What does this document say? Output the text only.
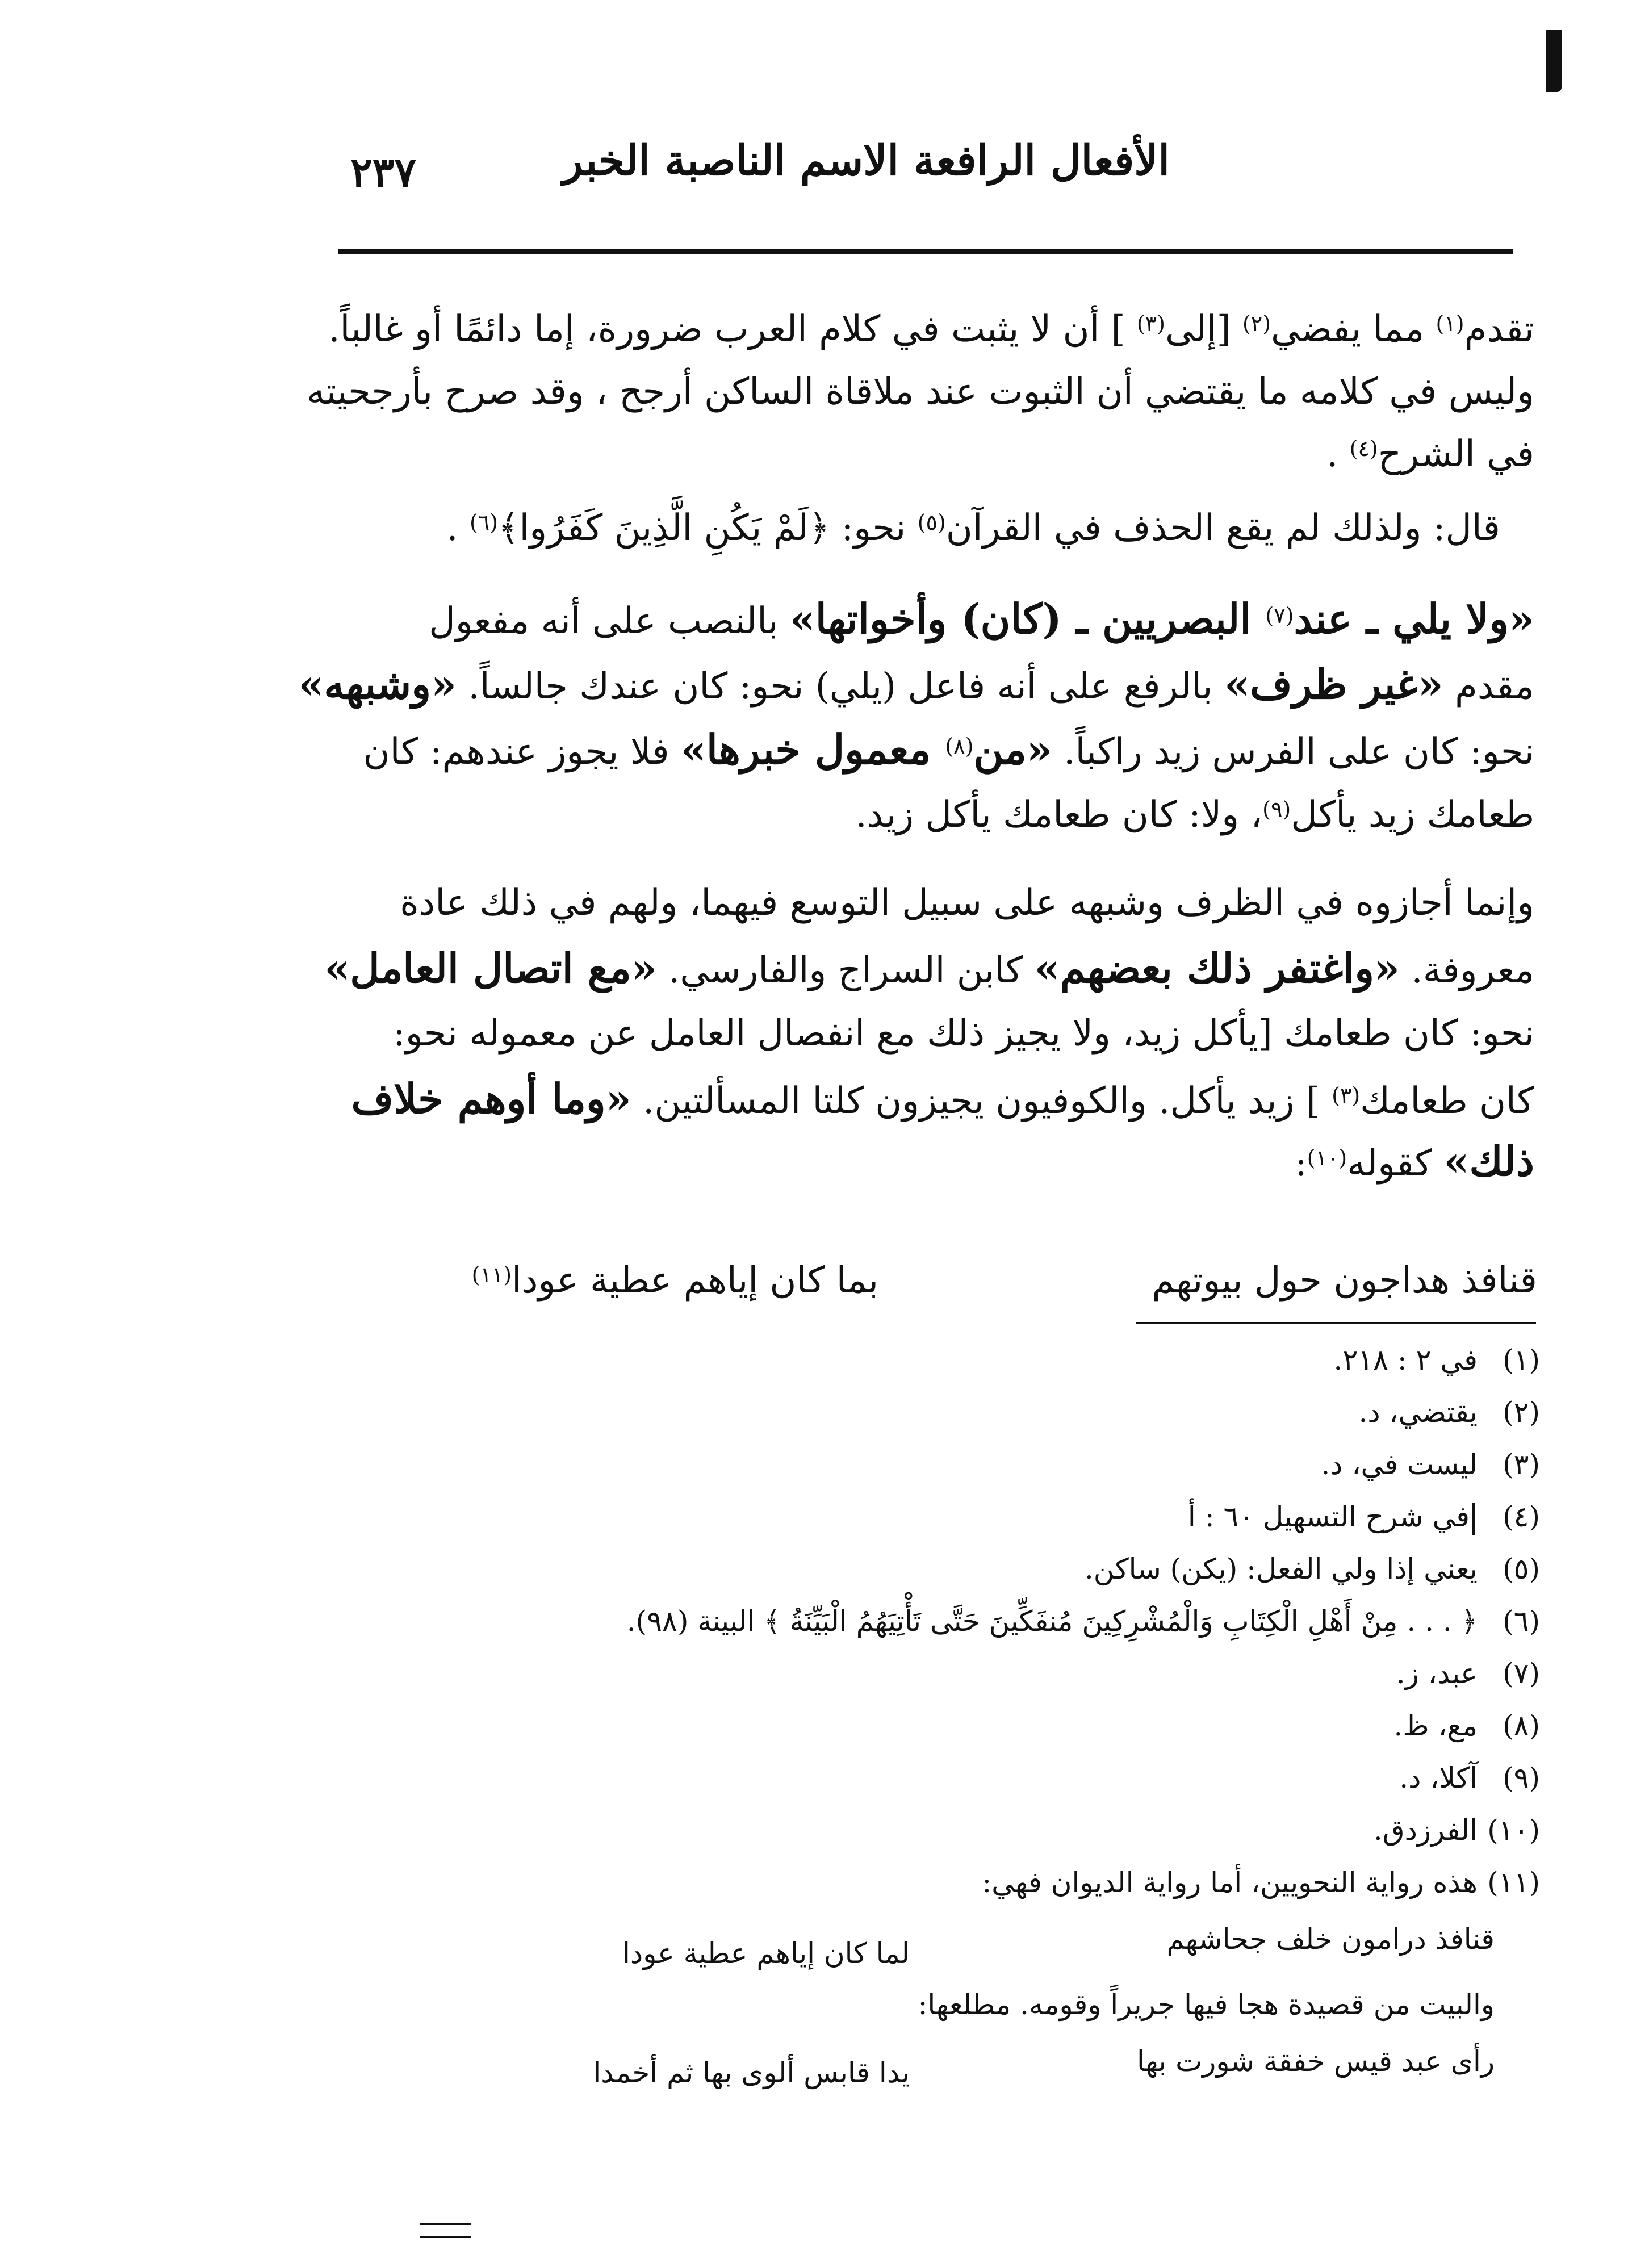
الأفعال الرافعة الاسم الناصبة الخبر
٢٣٧
تقدم$^{(١)}$ مما يفضي$^{(٢)}$ [إلى$^{(٣)}$ ] أن لا يثبت في كلام العرب ضرورة، إما دائمًا أو غالباً.
وليس في كلامه ما يقتضي أن الثبوت عند ملاقاة الساكن أرجح ، وقد صرح بأرجحيته
في الشرح$^{(٤)}$ .
قال: ولذلك لم يقع الحذف في القرآن$^{(٥)}$ نحو: ﴿لَمْ يَكُنِ الَّذِينَ كَفَرُوا﴾$^{(٦)}$ .
«ولا يلي ـ عند$^{(٧)}$ البصريين ـ (كان) وأخواتها» بالنصب على أنه مفعول
مقدم «غير ظرف» بالرفع على أنه فاعل (يلي) نحو: كان عندك جالساً. «وشبهه»
نحو: كان على الفرس زيد راكباً. «من$^{(٨)}$ معمول خبرها» فلا يجوز عندهم: كان
طعامك زيد يأكل$^{(٩)}$، ولا: كان طعامك يأكل زيد.
وإنما أجازوه في الظرف وشبهه على سبيل التوسع فيهما، ولهم في ذلك عادة
معروفة. «واغتفر ذلك بعضهم» كابن السراج والفارسي. «مع اتصال العامل»
نحو: كان طعامك [يأكل زيد، ولا يجيز ذلك مع انفصال العامل عن معموله نحو:
كان طعامك$^{(٣)}$ ] زيد يأكل. والكوفيون يجيزون كلتا المسألتين. «وما أوهم خلاف
ذلك» كقوله$^{(١٠)}$:
قنافذ هداجون حول بيوتهم
بما كان إياهم عطية عودا$^{(١١)}$
(١)في ٢ : ٢١٨.
(٢)يقتضي، د.
(٣)ليست في، د.
(٤)في شرح التسهيل ٦٠ : أ
(٥)يعني إذا ولي الفعل: (يكن) ساكن.
(٦)﴿ . . . مِنْ أَهْلِ الْكِتَابِ وَالْمُشْرِكِينَ مُنفَكِّينَ حَتَّى تَأْتِيَهُمُ الْبَيِّنَةُ ﴾ البينة (٩٨).
(٧)عبد، ز.
(٨)مع، ظ.
(٩)آكلا، د.
(١٠)الفرزدق.
(١١)هذه رواية النحويين، أما رواية الديوان فهي:
قنافذ درامون خلف جحاشهم
لما كان إياهم عطية عودا
والبيت من قصيدة هجا فيها جريراً وقومه. مطلعها:
رأى عبد قيس خفقة شورت بها
يدا قابس ألوى بها ثم أخمدا
